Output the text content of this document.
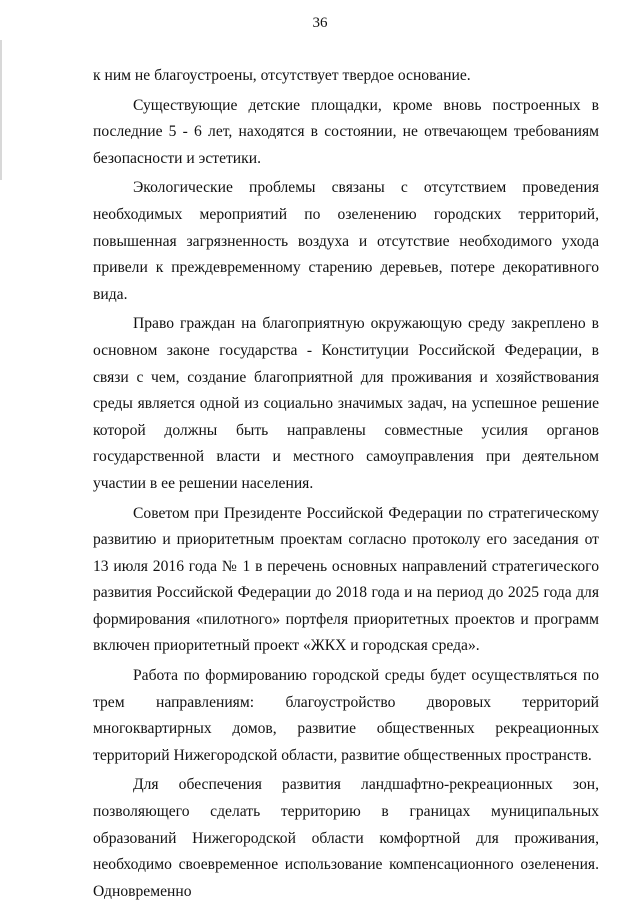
36

к ним не благоустроены, отсутствует твердое основание.

Существующие детские площадки, кроме вновь построенных в последние 5 - 6 лет, находятся в состоянии, не отвечающем требованиям безопасности и эстетики.

Экологические проблемы связаны с отсутствием проведения необходимых мероприятий по озеленению городских территорий, повышенная загрязненность воздуха и отсутствие необходимого ухода привели к преждевременному старению деревьев, потере декоративного вида.

Право граждан на благоприятную окружающую среду закреплено в основном законе государства - Конституции Российской Федерации, в связи с чем, создание благоприятной для проживания и хозяйствования среды является одной из социально значимых задач, на успешное решение которой должны быть направлены совместные усилия органов государственной власти и местного самоуправления при деятельном участии в ее решении населения.

Советом при Президенте Российской Федерации по стратегическому развитию и приоритетным проектам согласно протоколу его заседания от 13 июля 2016 года № 1 в перечень основных направлений стратегического развития Российской Федерации до 2018 года и на период до 2025 года для формирования «пилотного» портфеля приоритетных проектов и программ включен приоритетный проект «ЖКХ и городская среда».

Работа по формированию городской среды будет осуществляться по трем направлениям: благоустройство дворовых территорий многоквартирных домов, развитие общественных рекреационных территорий Нижегородской области, развитие общественных пространств.

Для обеспечения развития ландшафтно-рекреационных зон, позволяющего сделать территорию в границах муниципальных образований Нижегородской области комфортной для проживания, необходимо своевременное использование компенсационного озеленения. Одновременно
